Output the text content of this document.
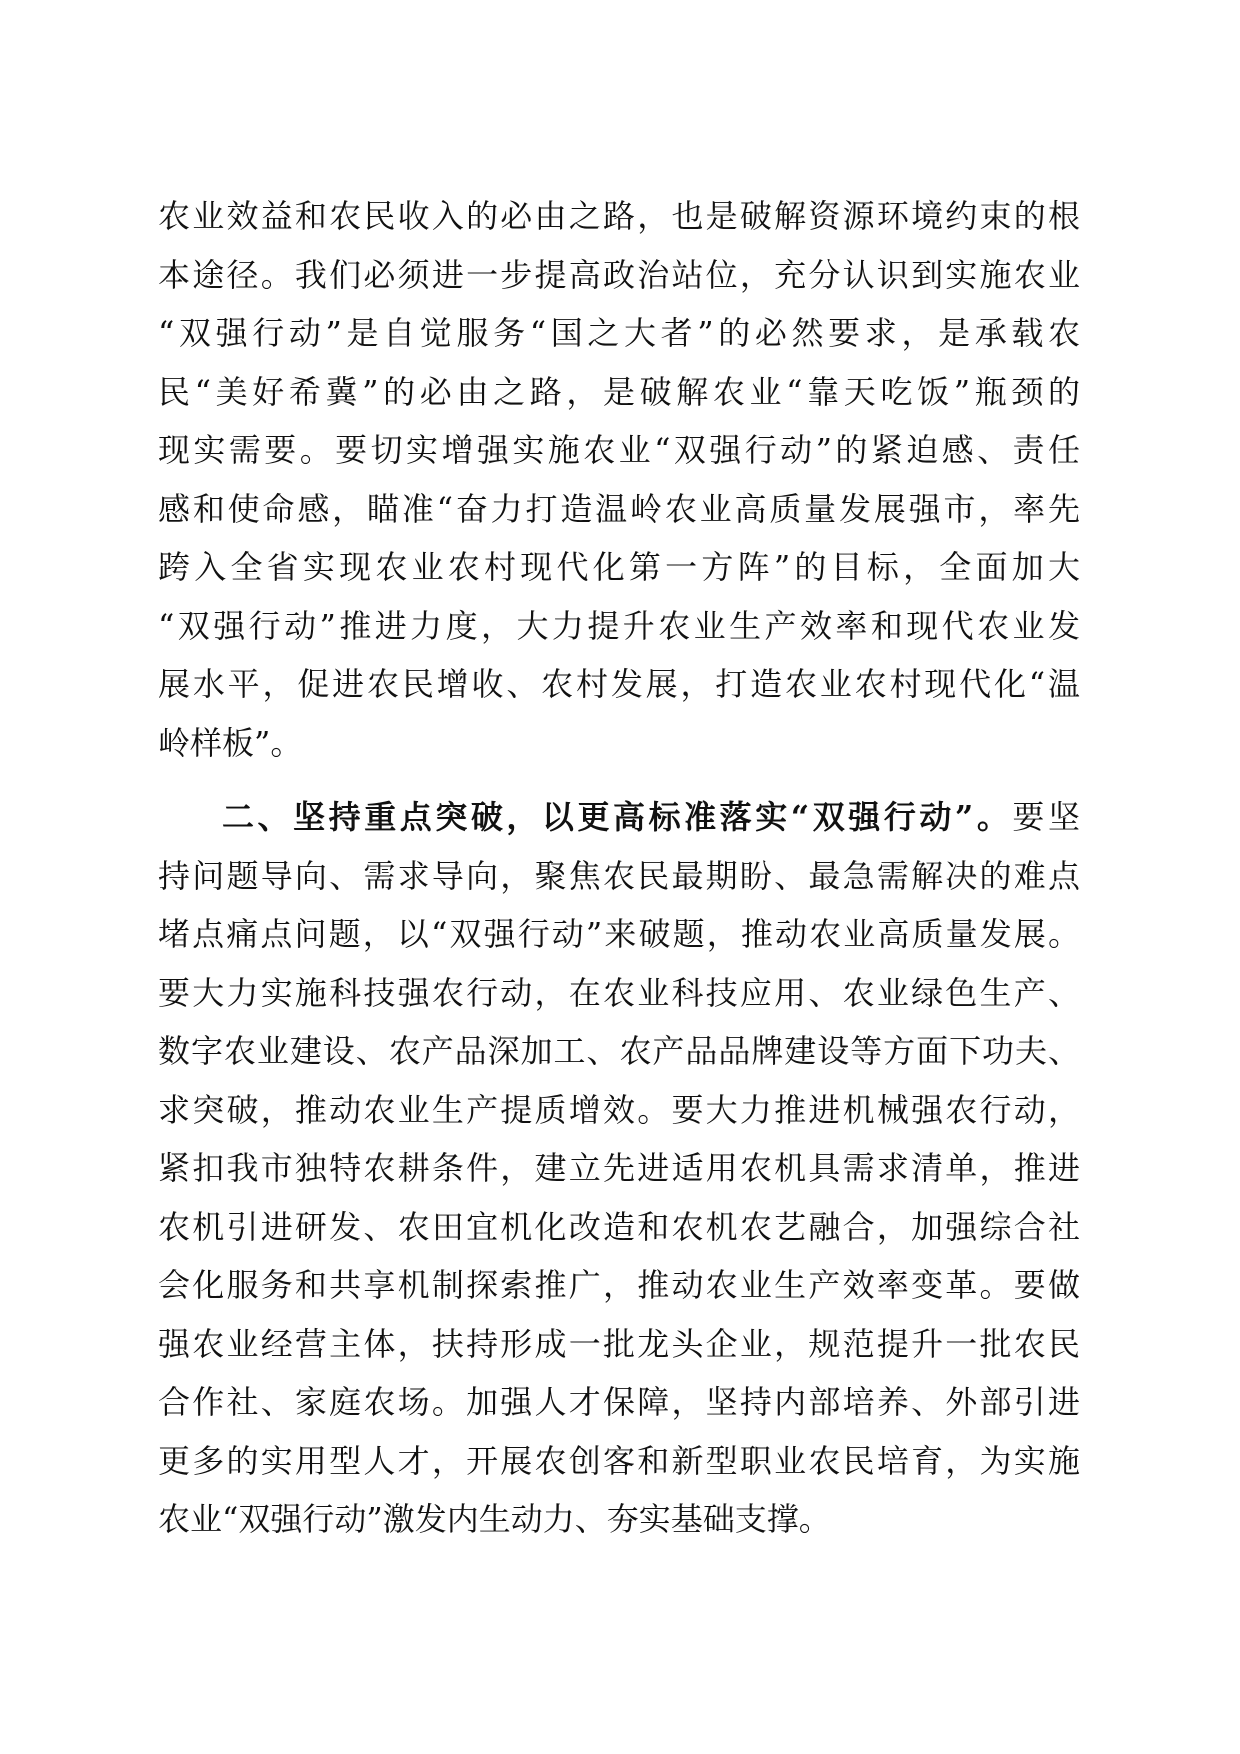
农业效益和农民收入的必由之路，也是破解资源环境约束的根
本途径。我们必须进一步提高政治站位，充分认识到实施农业
“双强行动”是自觉服务“国之大者”的必然要求，是承载农
民“美好希冀”的必由之路，是破解农业“靠天吃饭”瓶颈的
现实需要。要切实增强实施农业“双强行动”的紧迫感、责任
感和使命感，瞄准“奋力打造温岭农业高质量发展强市，率先
跨入全省实现农业农村现代化第一方阵”的目标，全面加大
“双强行动”推进力度，大力提升农业生产效率和现代农业发
展水平，促进农民增收、农村发展，打造农业农村现代化“温
岭样板”。
二、坚持重点突破，以更高标准落实“双强行动”。要坚
持问题导向、需求导向，聚焦农民最期盼、最急需解决的难点
堵点痛点问题，以“双强行动”来破题，推动农业高质量发展。
要大力实施科技强农行动，在农业科技应用、农业绿色生产、
数字农业建设、农产品深加工、农产品品牌建设等方面下功夫、
求突破，推动农业生产提质增效。要大力推进机械强农行动，
紧扣我市独特农耕条件，建立先进适用农机具需求清单，推进
农机引进研发、农田宜机化改造和农机农艺融合，加强综合社
会化服务和共享机制探索推广，推动农业生产效率变革。要做
强农业经营主体，扶持形成一批龙头企业，规范提升一批农民
合作社、家庭农场。加强人才保障，坚持内部培养、外部引进
更多的实用型人才，开展农创客和新型职业农民培育，为实施
农业“双强行动”激发内生动力、夯实基础支撑。
